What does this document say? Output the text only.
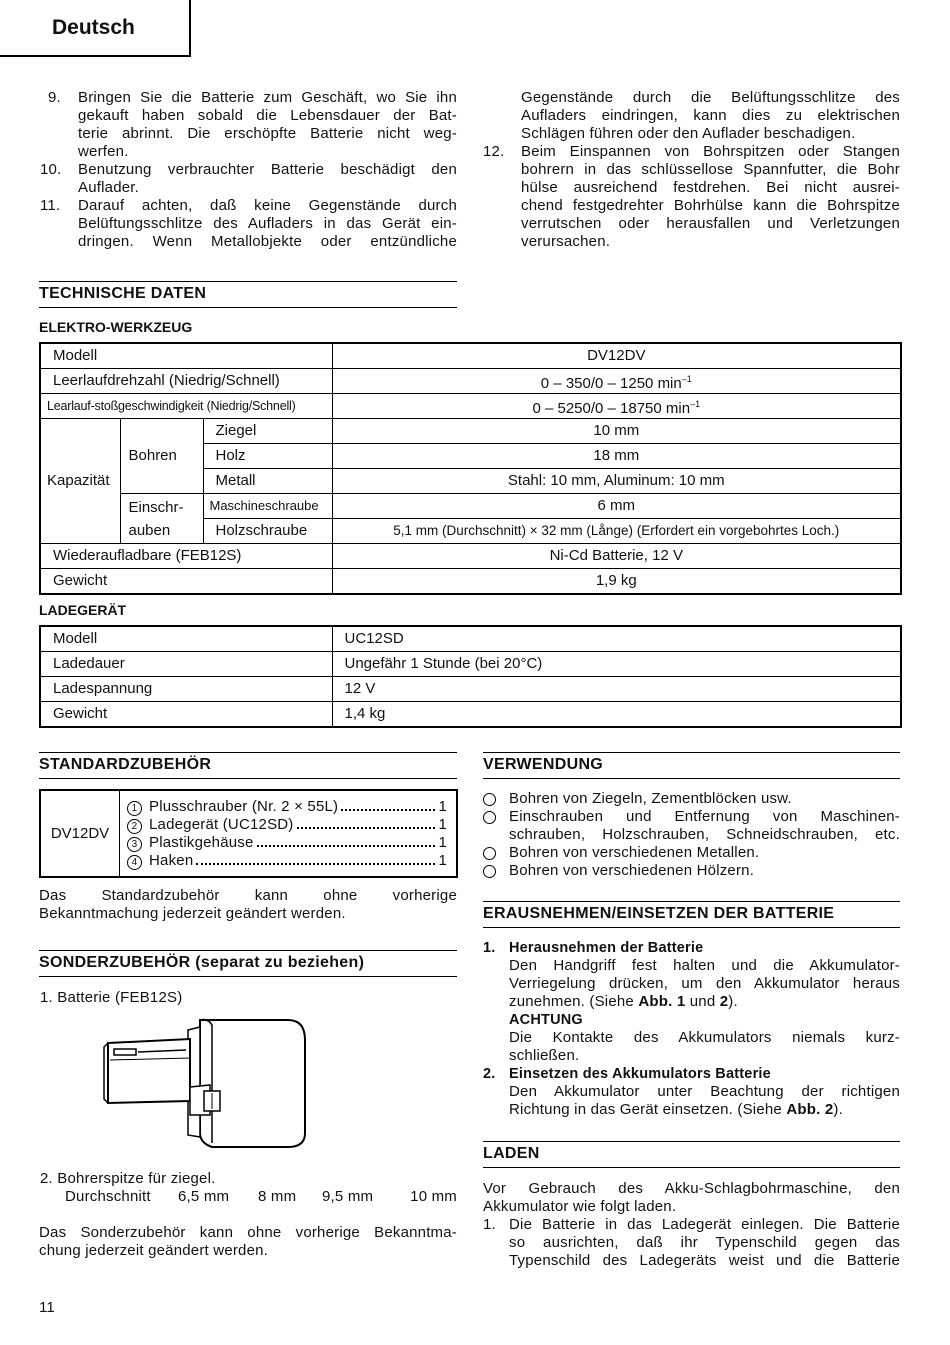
Deutsch
9. Bringen Sie die Batterie zum Geschäft, wo Sie ihn
gekauft haben sobald die Lebensdauer der Bat-
terie abrinnt. Die erschöpfte Batterie nicht weg-
werfen.
10. Benutzung verbrauchter Batterie beschädigt den
Auflader.
11. Darauf achten, daß keine Gegenstände durch
Belüftungsschlitze des Aufladers in das Gerät ein-
dringen. Wenn Metallobjekte oder entzündliche
Gegenstände durch die Belüftungsschlitze des
Aufladers eindringen, kann dies zu elektrischen
Schlägen führen oder den Auflader beschadigen.
12. Beim Einspannen von Bohrspitzen oder Stangen
bohrern in das schlüssellose Spannfutter, die Bohr
hülse ausreichend festdrehen. Bei nicht ausrei-
chend festgedrehter Bohrhülse kann die Bohrspitze
verrutschen oder herausfallen und Verletzungen
verursachen.
TECHNISCHE DATEN
ELEKTRO-WERKZEUG
Modell			DV12DV
Leerlaufdrehzahl (Niedrig/Schnell)			0 – 350/0 – 1250 $\min^{-1}$
Learlauf-stoßgeschwindigkeit (Niedrig/Schnell)			0 – 5250/0 – 18750 $\min^{-1}$
Kapazität	Bohren	Ziegel	10 mm
		Holz	18 mm
		Metall	Stahl: 10 mm, Aluminum: 10 mm

	Einschr-
auben	Maschineschraube	6 mm
		Holzschraube	5,1 mm (Durchschnitt) × 32 mm (Långe) (Erfordert ein vorgebohrtes Loch.)
Wiederaufladbare (FEB12S)			Ni-Cd Batterie, 12 V
Gewicht			1,9 kg
LADEGERÄT
Modell	UC12SD
Ladedauer	Ungefähr 1 Stunde (bei 20°C)
Ladespannung	12 V
Gewicht	1,4 kg
STANDARDZUBEHÖR
DV12DV
1 Plusschrauber (Nr. 2 × 55L)	1
2 Ladegerät (UC12SD)	1
3 Plastikgehäuse	1
4 Haken	1
Das Standardzubehör kann ohne vorherige
Bekanntmachung jederzeit geändert werden.
SONDERZUBEHÖR (separat zu beziehen)
1. Batterie (FEB12S)
2. Bohrerspitze für ziegel.
Durchschnitt	6,5 mm	8 mm	9,5 mm	10 mm
Das Sonderzubehör kann ohne vorherige Bekanntma-
chung jederzeit geändert werden.
VERWENDUNG
Bohren von Ziegeln, Zementblöcken usw.
Einschrauben und Entfernung von Maschinen-
schrauben, Holzschrauben, Schneidschrauben, etc.
Bohren von verschiedenen Metallen.
Bohren von verschiedenen Hölzern.
ERAUSNEHMEN/EINSETZEN DER BATTERIE
1. Herausnehmen der Batterie
Den Handgriff fest halten und die Akkumulator-
Verriegelung drücken, um den Akkumulator heraus
zunehmen. (Siehe Abb. 1 und 2).
ACHTUNG
Die Kontakte des Akkumulators niemals kurz-
schließen.
2. Einsetzen des Akkumulators Batterie
Den Akkumulator unter Beachtung der richtigen
Richtung in das Gerät einsetzen. (Siehe Abb. 2).
LADEN
Vor Gebrauch des Akku-Schlagbohrmaschine, den
Akkumulator wie folgt laden.
1. Die Batterie in das Ladegerät einlegen. Die Batterie
so ausrichten, daß ihr Typenschild gegen das
Typenschild des Ladegeräts weist und die Batterie
11
